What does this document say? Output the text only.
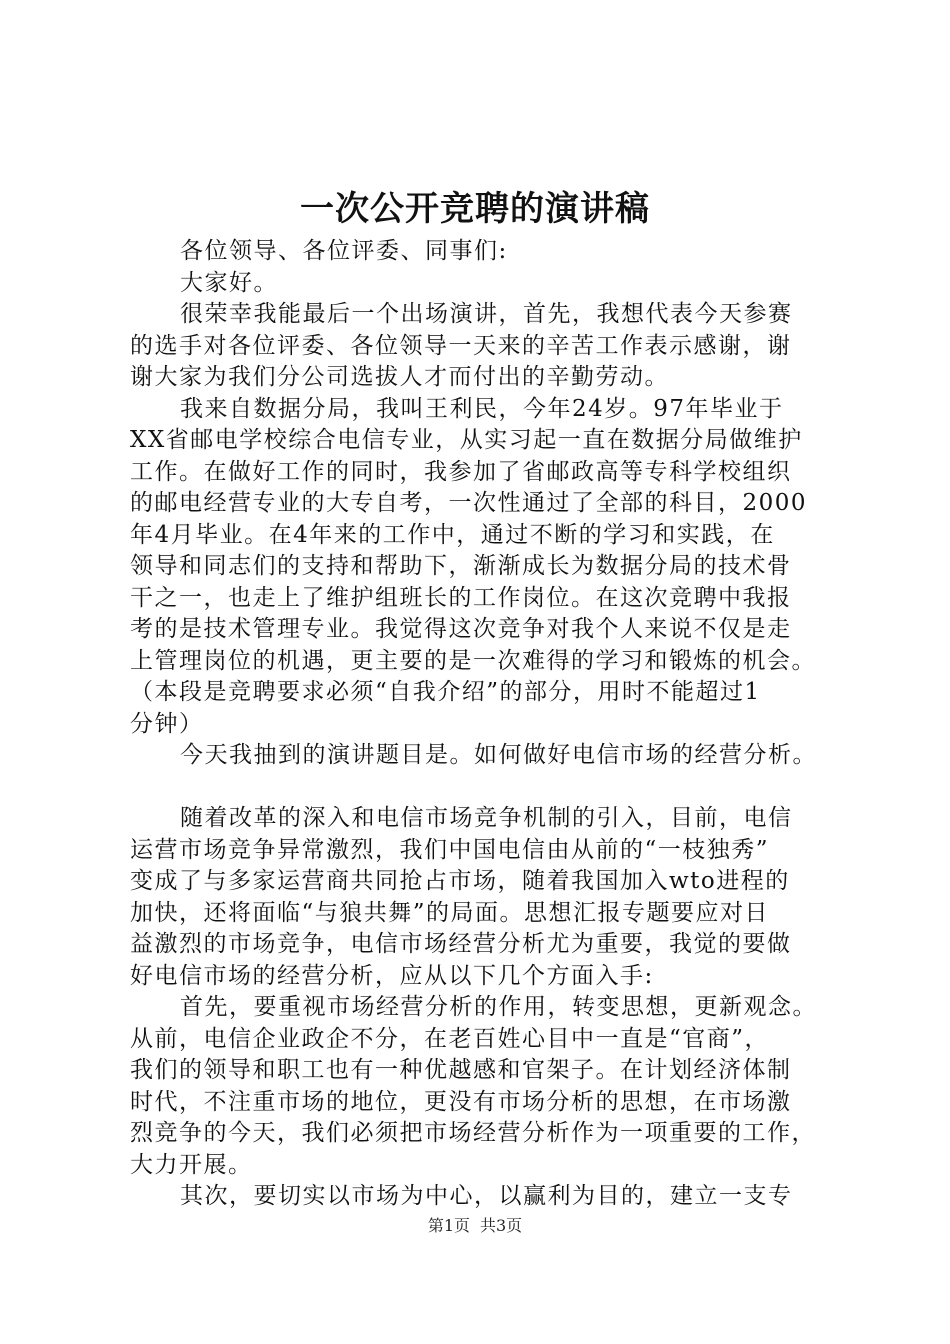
一次公开竞聘的演讲稿
各位领导、各位评委、同事们:
大家好。
很荣幸我能最后一个出场演讲，首先，我想代表今天参赛
的选手对各位评委、各位领导一天来的辛苦工作表示感谢，谢
谢大家为我们分公司选拔人才而付出的辛勤劳动。
我来自数据分局，我叫王利民，今年24岁。97年毕业于
XX省邮电学校综合电信专业，从实习起一直在数据分局做维护
工作。在做好工作的同时，我参加了省邮政高等专科学校组织
的邮电经营专业的大专自考，一次性通过了全部的科目，2000
年4月毕业。在4年来的工作中，通过不断的学习和实践，在
领导和同志们的支持和帮助下，渐渐成长为数据分局的技术骨
干之一，也走上了维护组班长的工作岗位。在这次竞聘中我报
考的是技术管理专业。我觉得这次竞争对我个人来说不仅是走
上管理岗位的机遇，更主要的是一次难得的学习和锻炼的机会。
（本段是竞聘要求必须“自我介绍”的部分，用时不能超过1
分钟）
今天我抽到的演讲题目是。如何做好电信市场的经营分析。
随着改革的深入和电信市场竞争机制的引入，目前，电信
运营市场竞争异常激烈，我们中国电信由从前的“一枝独秀”
变成了与多家运营商共同抢占市场，随着我国加入wto进程的
加快，还将面临“与狼共舞”的局面。思想汇报专题要应对日
益激烈的市场竞争，电信市场经营分析尤为重要，我觉的要做
好电信市场的经营分析，应从以下几个方面入手:
首先，要重视市场经营分析的作用，转变思想，更新观念。
从前，电信企业政企不分，在老百姓心目中一直是“官商”，
我们的领导和职工也有一种优越感和官架子。在计划经济体制
时代，不注重市场的地位，更没有市场分析的思想，在市场激
烈竞争的今天，我们必须把市场经营分析作为一项重要的工作，
大力开展。
其次，要切实以市场为中心，以赢利为目的，建立一支专
第1页 共3页
